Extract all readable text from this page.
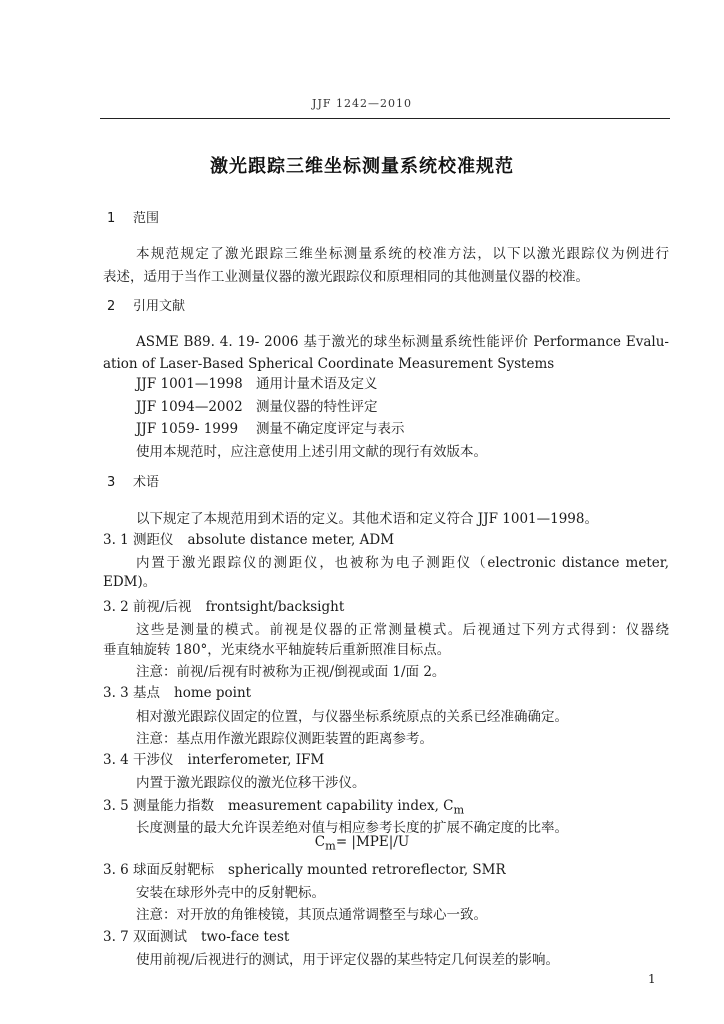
JJF 1242—2010
激光跟踪三维坐标测量系统校准规范
1 范围
本规范规定了激光跟踪三维坐标测量系统的校准方法，以下以激光跟踪仪为例进行
表述，适用于当作工业测量仪器的激光跟踪仪和原理相同的其他测量仪器的校准。
2 引用文献
ASME B89. 4. 19- 2006 基于激光的球坐标测量系统性能评价 Performance Evalu-
ation of Laser-Based Spherical Coordinate Measurement Systems
JJF 1001—1998 通用计量术语及定义
JJF 1094—2002 测量仪器的特性评定
JJF 1059- 1999 测量不确定度评定与表示
使用本规范时，应注意使用上述引用文献的现行有效版本。
3 术语
以下规定了本规范用到术语的定义。其他术语和定义符合 JJF 1001—1998。
3. 1 测距仪 absolute distance meter, ADM
内置于激光跟踪仪的测距仪，也被称为电子测距仪（electronic distance meter,
EDM)。
3. 2 前视/后视 frontsight/backsight
这些是测量的模式。前视是仪器的正常测量模式。后视通过下列方式得到：仪器绕
垂直轴旋转 180°，光束绕水平轴旋转后重新照准目标点。
注意：前视/后视有时被称为正视/倒视或面 1/面 2。
3. 3 基点 home point
相对激光跟踪仪固定的位置，与仪器坐标系统原点的关系已经准确确定。
注意：基点用作激光跟踪仪测距装置的距离参考。
3. 4 干涉仪 interferometer, IFM
内置于激光跟踪仪的激光位移干涉仪。
3. 5 测量能力指数 measurement capability index, $C_m$
长度测量的最大允许误差绝对值与相应参考长度的扩展不确定度的比率。
$C_m= |MPE|/U$
3. 6 球面反射靶标 spherically mounted retroreflector, SMR
安装在球形外壳中的反射靶标。
注意：对开放的角锥棱镜，其顶点通常调整至与球心一致。
3. 7 双面测试 two-face test
使用前视/后视进行的测试，用于评定仪器的某些特定几何误差的影响。
1
